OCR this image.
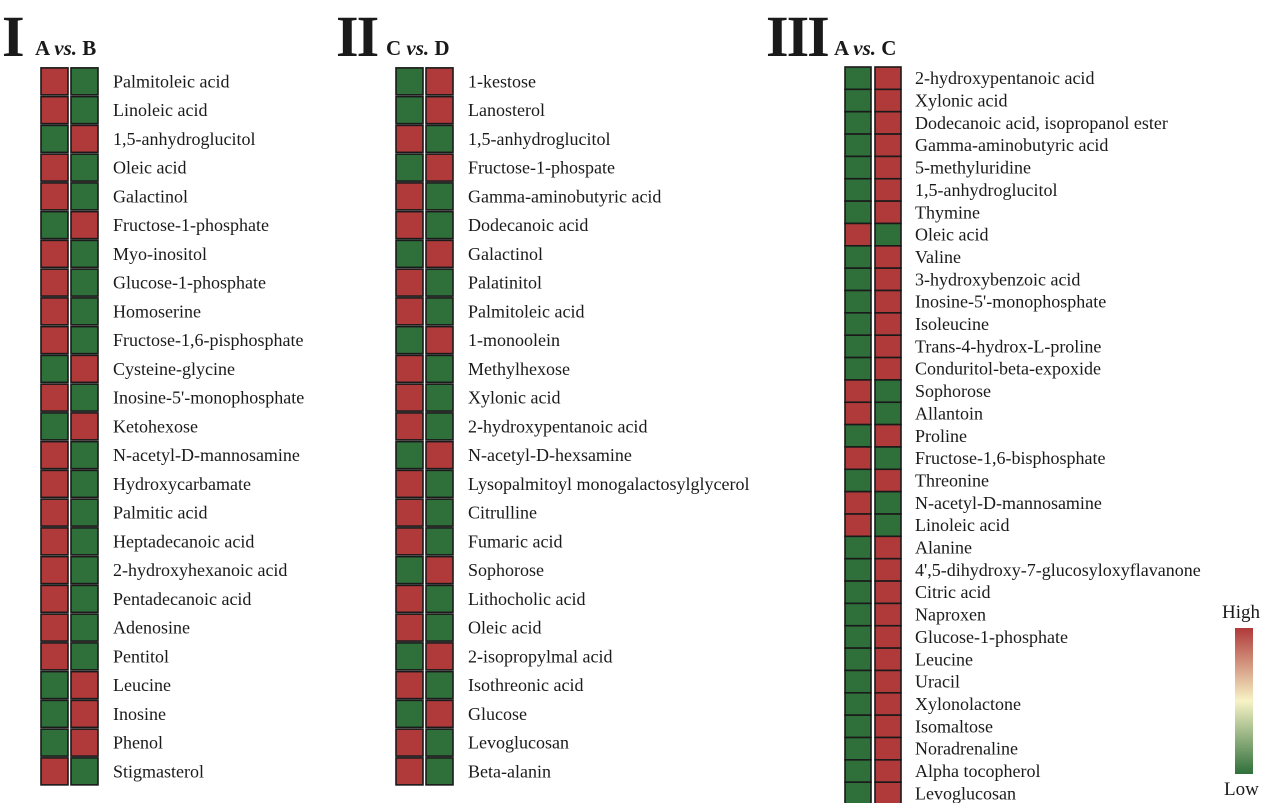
I A vs. B	II C vs. D	III A vs. C
Palmitoleic acid
Linoleic acid
1,5-anhydroglucitol
Oleic acid
Galactinol
Fructose-1-phosphate
Myo-inositol
Glucose-1-phosphate
Homoserine
Fructose-1,6-pisphosphate
Cysteine-glycine
Inosine-5'-monophosphate
Ketohexose
N-acetyl-D-mannosamine
Hydroxycarbamate
Palmitic acid
Heptadecanoic acid
2-hydroxyhexanoic acid
Pentadecanoic acid
Adenosine
Pentitol
Leucine
Inosine
Phenol
Stigmasterol
1-kestose
Lanosterol
1,5-anhydroglucitol
Fructose-1-phospate
Gamma-aminobutyric acid
Dodecanoic acid
Galactinol
Palatinitol
Palmitoleic acid
1-monoolein
Methylhexose
Xylonic acid
2-hydroxypentanoic acid
N-acetyl-D-hexsamine
Lysopalmitoyl monogalactosylglycerol
Citrulline
Fumaric acid
Sophorose
Lithocholic acid
Oleic acid
2-isopropylmal acid
Isothreonic acid
Glucose
Levoglucosan
Beta-alanin
2-hydroxypentanoic acid
Xylonic acid
Dodecanoic acid, isopropanol ester
Gamma-aminobutyric acid
5-methyluridine
1,5-anhydroglucitol
Thymine
Oleic acid
Valine
3-hydroxybenzoic acid
Inosine-5'-monophosphate
Isoleucine
Trans-4-hydrox-L-proline
Conduritol-beta-expoxide
Sophorose
Allantoin
Proline
Fructose-1,6-bisphosphate
Threonine
N-acetyl-D-mannosamine
Linoleic acid
Alanine
4',5-dihydroxy-7-glucosyloxyflavanone
Citric acid
Naproxen
Glucose-1-phosphate
Leucine
Uracil
Xylonolactone
Isomaltose
Noradrenaline
Alpha tocopherol
Levoglucosan
High
Low
